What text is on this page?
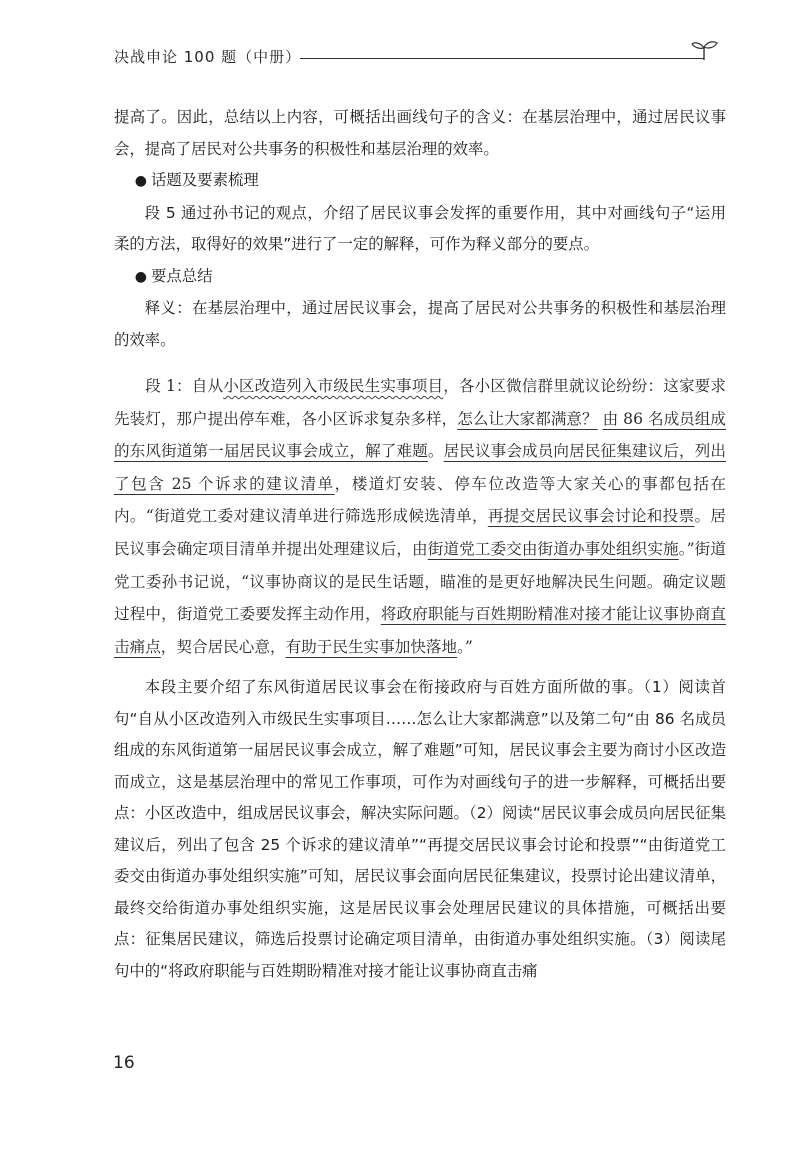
决战申论 100 题（中册）

提高了。因此，总结以上内容，可概括出画线句子的含义：在基层治理中，通过居民议事会，提高了居民对公共事务的积极性和基层治理的效率。

● 话题及要素梳理

段 5 通过孙书记的观点，介绍了居民议事会发挥的重要作用，其中对画线句子“运用柔的方法，取得好的效果”进行了一定的解释，可作为释义部分的要点。

● 要点总结

释义：在基层治理中，通过居民议事会，提高了居民对公共事务的积极性和基层治理的效率。

段 1：自从小区改造列入市级民生实事项目，各小区微信群里就议论纷纷：这家要求先装灯，那户提出停车难，各小区诉求复杂多样，怎么让大家都满意？ 由 86 名成员组成的东风街道第一届居民议事会成立，解了难题。居民议事会成员向居民征集建议后，列出了包含 25 个诉求的建议清单，楼道灯安装、停车位改造等大家关心的事都包括在内。“街道党工委对建议清单进行筛选形成候选清单，再提交居民议事会讨论和投票。居民议事会确定项目清单并提出处理建议后，由街道党工委交由街道办事处组织实施。”街道党工委孙书记说，“议事协商议的是民生话题，瞄准的是更好地解决民生问题。确定议题过程中，街道党工委要发挥主动作用，将政府职能与百姓期盼精准对接才能让议事协商直击痛点，契合居民心意，有助于民生实事加快落地。”

本段主要介绍了东风街道居民议事会在衔接政府与百姓方面所做的事。（1）阅读首句“自从小区改造列入市级民生实事项目……怎么让大家都满意”以及第二句“由 86 名成员组成的东风街道第一届居民议事会成立，解了难题”可知，居民议事会主要为商讨小区改造而成立，这是基层治理中的常见工作事项，可作为对画线句子的进一步解释，可概括出要点：小区改造中，组成居民议事会，解决实际问题。（2）阅读“居民议事会成员向居民征集建议后，列出了包含 25 个诉求的建议清单”“再提交居民议事会讨论和投票”“由街道党工委交由街道办事处组织实施”可知，居民议事会面向居民征集建议，投票讨论出建议清单，最终交给街道办事处组织实施，这是居民议事会处理居民建议的具体措施，可概括出要点：征集居民建议，筛选后投票讨论确定项目清单，由街道办事处组织实施。（3）阅读尾句中的“将政府职能与百姓期盼精准对接才能让议事协商直击痛

16
